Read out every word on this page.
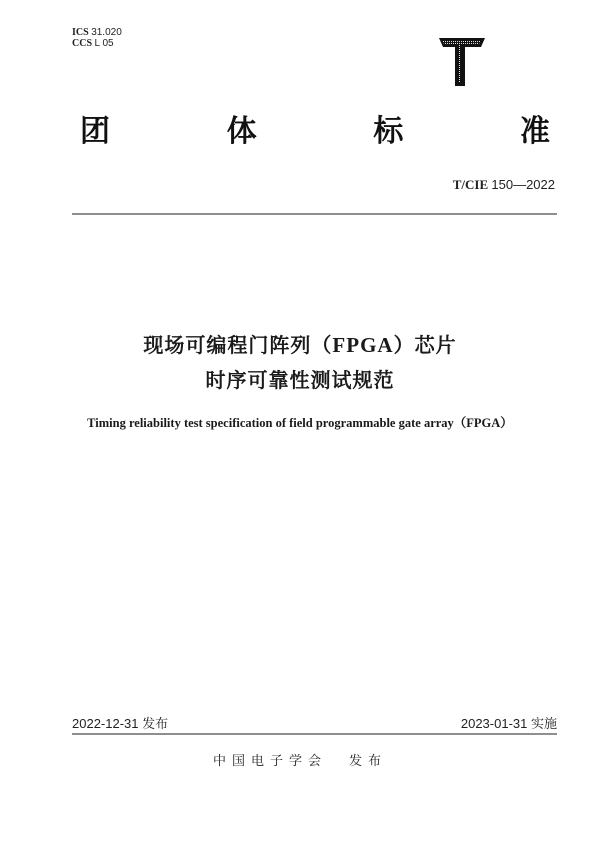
ICS 31.020
CCS L 05
团	体	标	准
T/CIE 150—2022
现场可编程门阵列（FPGA）芯片
时序可靠性测试规范
Timing reliability test specification of field programmable gate array（FPGA）
2022-12-31 发布	2023-01-31 实施
中国电子学会 发布
